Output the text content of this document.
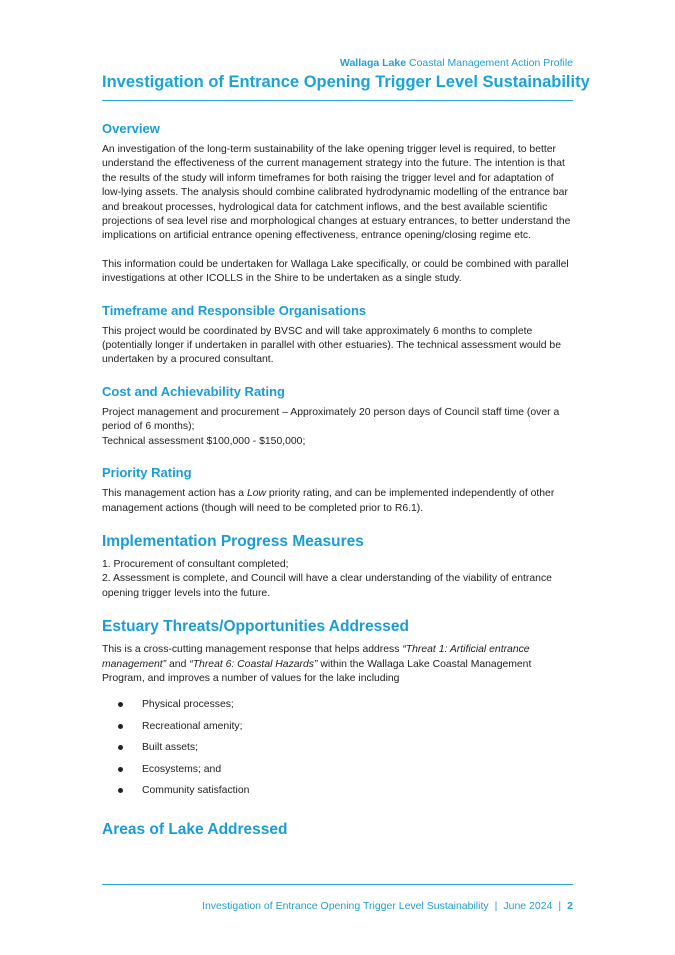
Wallaga Lake Coastal Management Action Profile
Investigation of Entrance Opening Trigger Level Sustainability
Overview

An investigation of the long-term sustainability of the lake opening trigger level is required, to better understand the effectiveness of the current management strategy into the future. The intention is that the results of the study will inform timeframes for both raising the trigger level and for adaptation of low-lying assets. The analysis should combine calibrated hydrodynamic modelling of the entrance bar and breakout processes, hydrological data for catchment inflows, and the best available scientific projections of sea level rise and morphological changes at estuary entrances, to better understand the implications on artificial entrance opening effectiveness, entrance opening/closing regime etc.

This information could be undertaken for Wallaga Lake specifically, or could be combined with parallel investigations at other ICOLLS in the Shire to be undertaken as a single study.

Timeframe and Responsible Organisations

This project would be coordinated by BVSC and will take approximately 6 months to complete (potentially longer if undertaken in parallel with other estuaries). The technical assessment would be undertaken by a procured consultant.

Cost and Achievability Rating

Project management and procurement – Approximately 20 person days of Council staff time (over a period of 6 months);

Technical assessment $100,000 - $150,000;

Priority Rating

This management action has a Low priority rating, and can be implemented independently of other management actions (though will need to be completed prior to R6.1).

Implementation Progress Measures

1. Procurement of consultant completed;

2. Assessment is complete, and Council will have a clear understanding of the viability of entrance opening trigger levels into the future.

Estuary Threats/Opportunities Addressed

This is a cross-cutting management response that helps address “Threat 1: Artificial entrance management” and “Threat 6: Coastal Hazards” within the Wallaga Lake Coastal Management Program, and improves a number of values for the lake including

Physical processes;
Recreational amenity;
Built assets;
Ecosystems; and
Community satisfaction
Areas of Lake Addressed
Investigation of Entrance Opening Trigger Level Sustainability | June 2024 | 2
